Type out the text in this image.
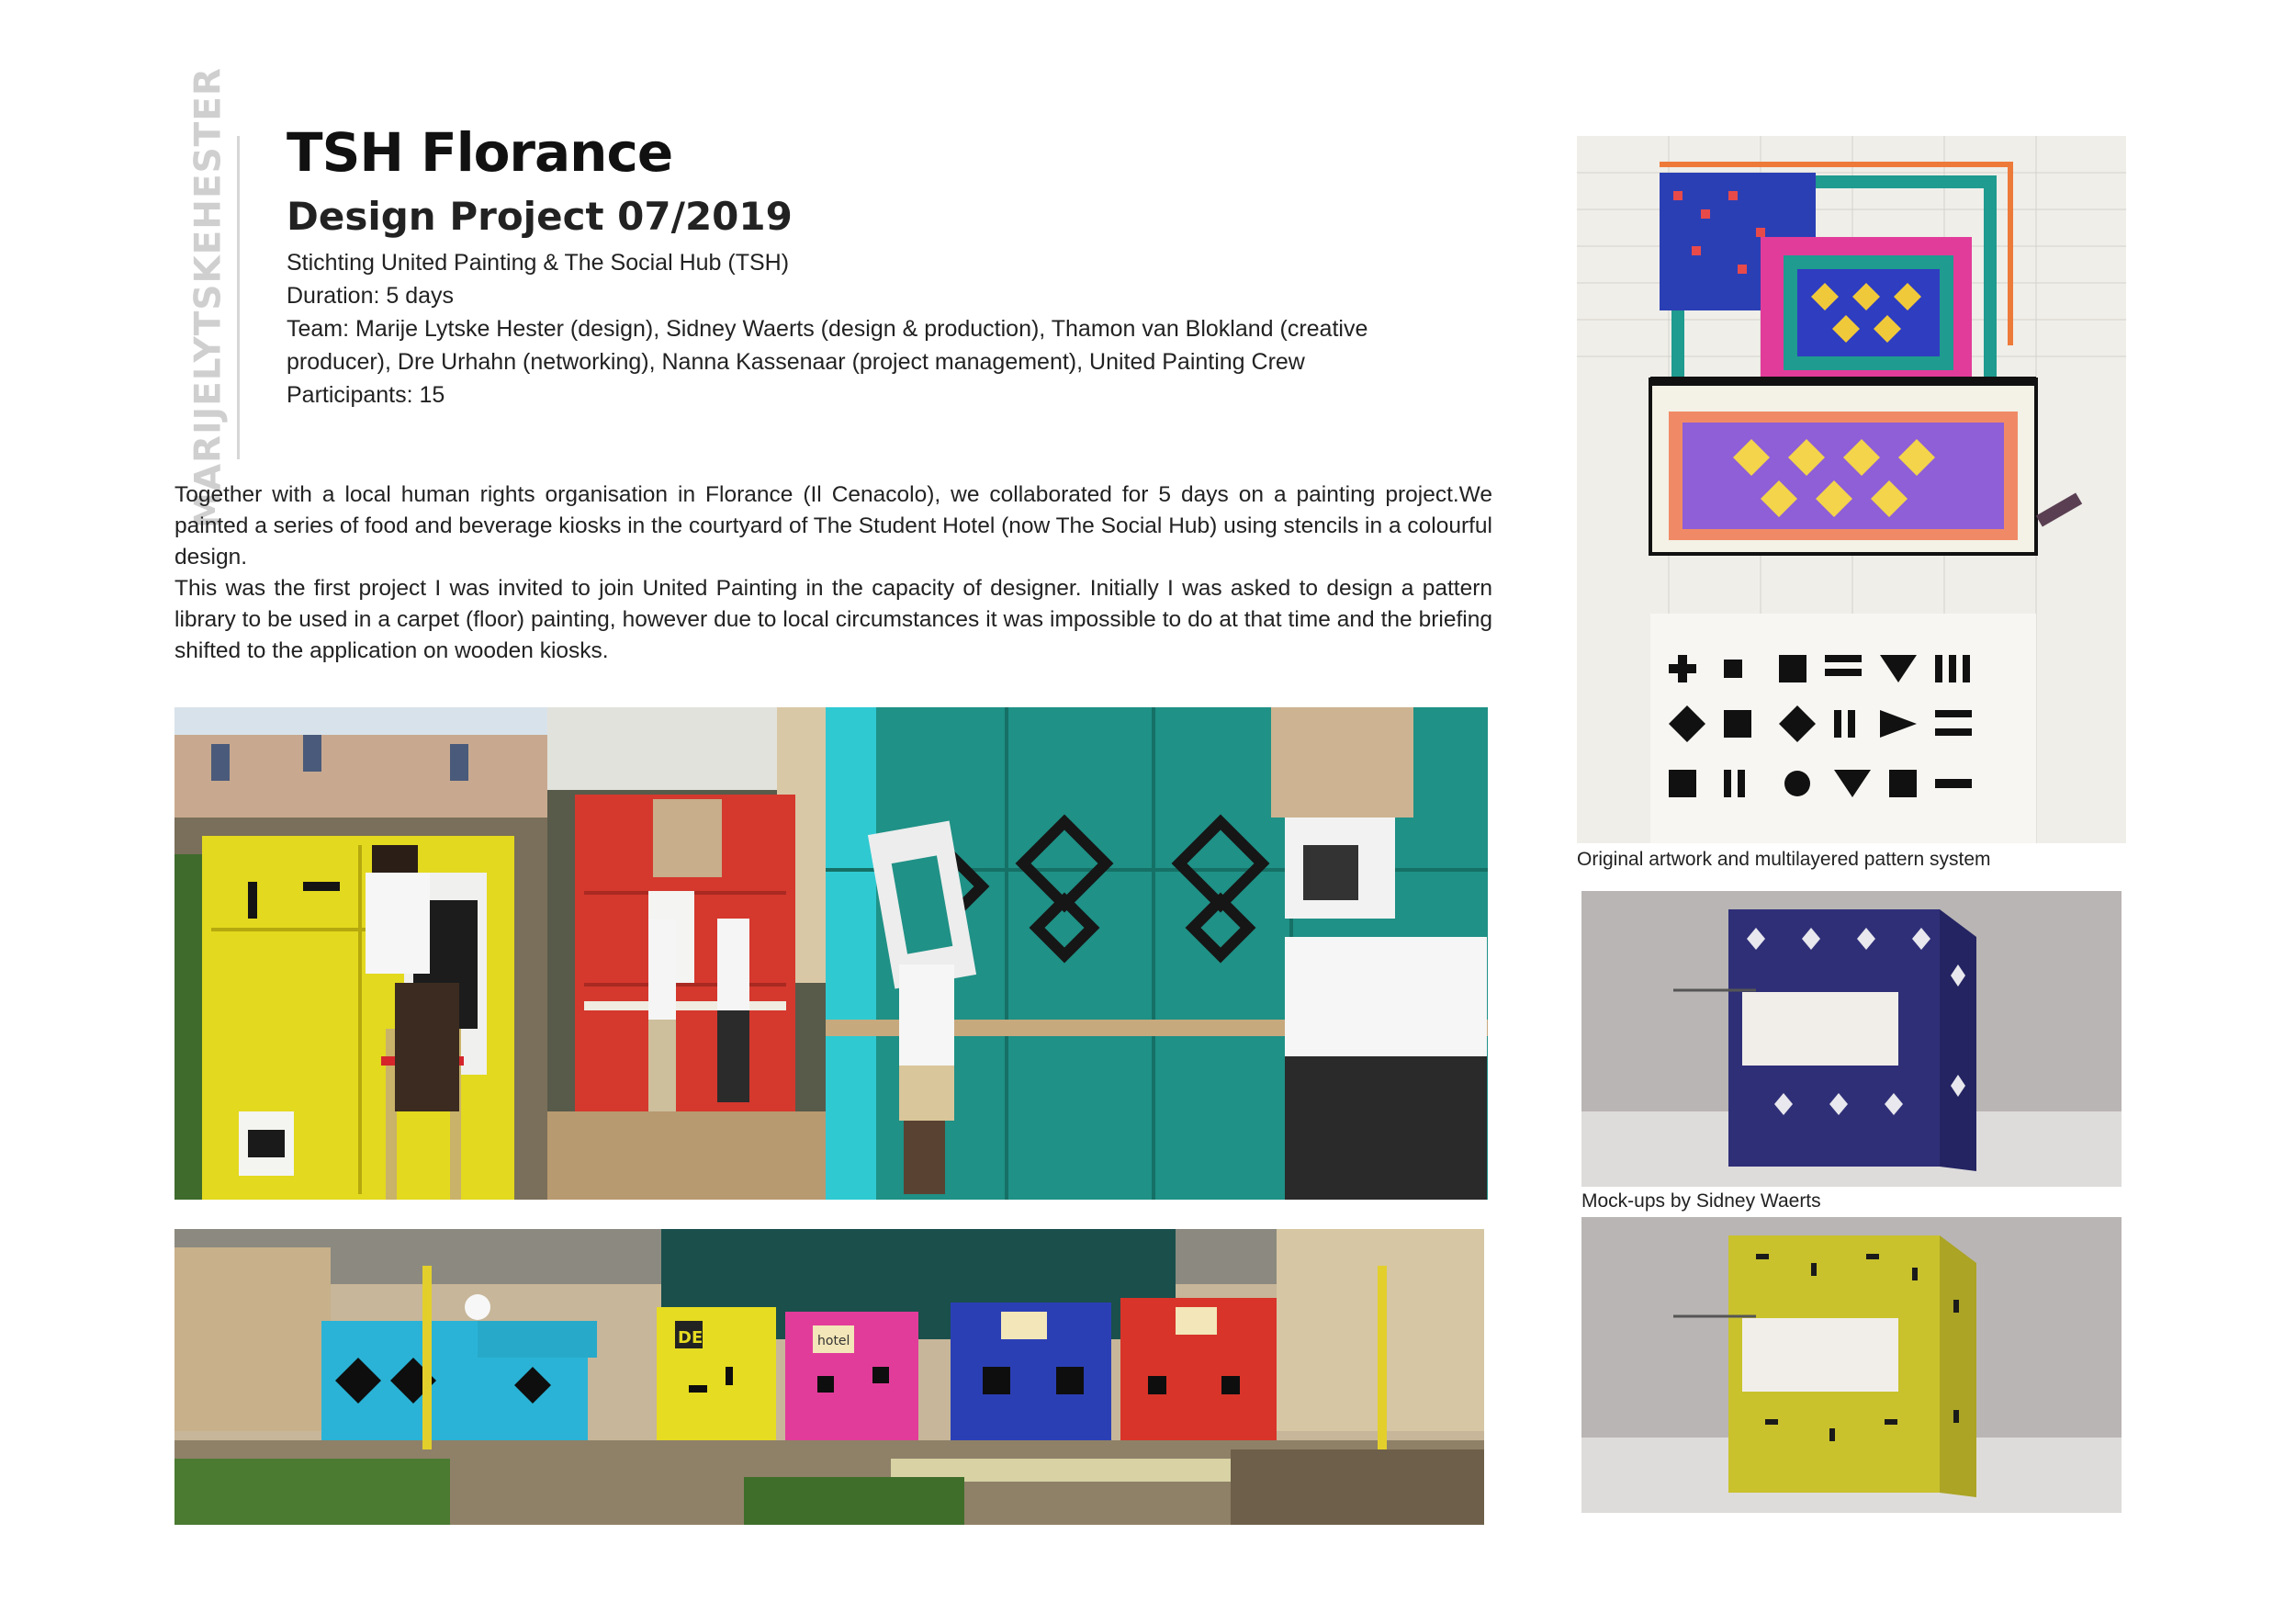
MARIJELYTSKEHESTER TSH Florance
Design Project 07/2019
Stichting United Painting & The Social Hub (TSH)
Duration: 5 days
Team: Marije Lytske Hester (design), Sidney Waerts (design & production), Thamon van Blokland (creative
producer), Dre Urhahn (networking), Nanna Kassenaar (project management), United Painting Crew
Participants: 15

Together with a local human rights organisation in Florance (Il Cenacolo), we collaborated for 5 days on a painting project.We painted a series of food and beverage kiosks in the courtyard of The Student Hotel (now The Social Hub) using stencils in a colourful design.

This was the first project I was invited to join United Painting in the capacity of designer. Initially I was asked to design a pattern library to be used in a carpet (floor) painting, however due to local circumstances it was impossible to do at that time and the briefing shifted to the application on wooden kiosks.

DELI	hotel
Original artwork and multilayered pattern system
Mock-ups by Sidney Waerts
